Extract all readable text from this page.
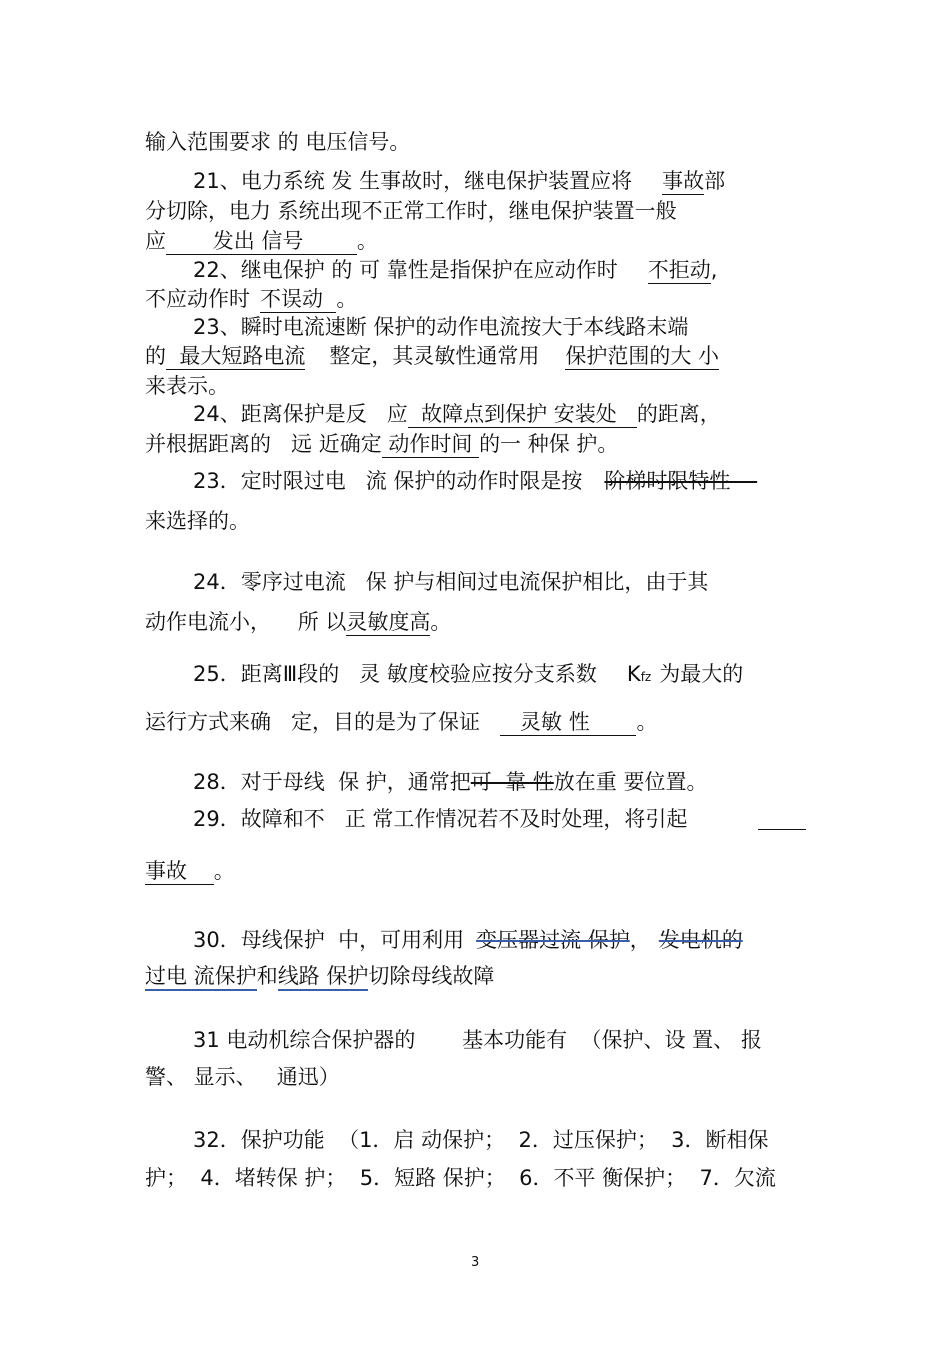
输入范围要求 的 电压信号。
21、电力系统 发 生事故时，继电保护装置应将 事故部
分切除，电力 系统出现不正常工作时，继电保护装置一般
应       发出 信号        。
22、继电保护 的 可 靠性是指保护在应动作时 不拒动,
不应动作时 不误动  。
23、瞬时电流速断 保护的动作电流按大于本线路末端
的  最大短路电流 整定，其灵敏性通常用 保护范围的大 小
来表示。
24、距离保护是反   应  故障点到保护 安装处   的距离，
并根据距离的   远 近确定 动作时间 的一 种保 护。
23．定时限过电   流 保护的动作时限是按 阶梯时限特性
来选择的。
24．零序过电流   保 护与相间过电流保护相比，由于其
动作电流小，    所 以灵敏度高。
25．距离Ⅲ段的   灵 敏度校验应按分支系数 Kfz 为最大的
运行方式来确   定，目的是为了保证   灵敏 性       。
28．对于母线  保 护，通常把可  靠 性放在重 要位置。
29．故障和不   正 常工作情况若不及时处理，将引起
事故    。
30．母线保护  中，可用利用 变压器过流 保护， 发电机的
过电 流保护和线路 保护切除母线故障
31 电动机综合保护器的       基本功能有  （保护、设 置、 报
警、 显示、   通迅）
32．保护功能  （1．启 动保护；  2．过压保护；  3．断相保
护；  4．堵转保 护；  5．短路 保护；  6．不平 衡保护；  7．欠流
3
